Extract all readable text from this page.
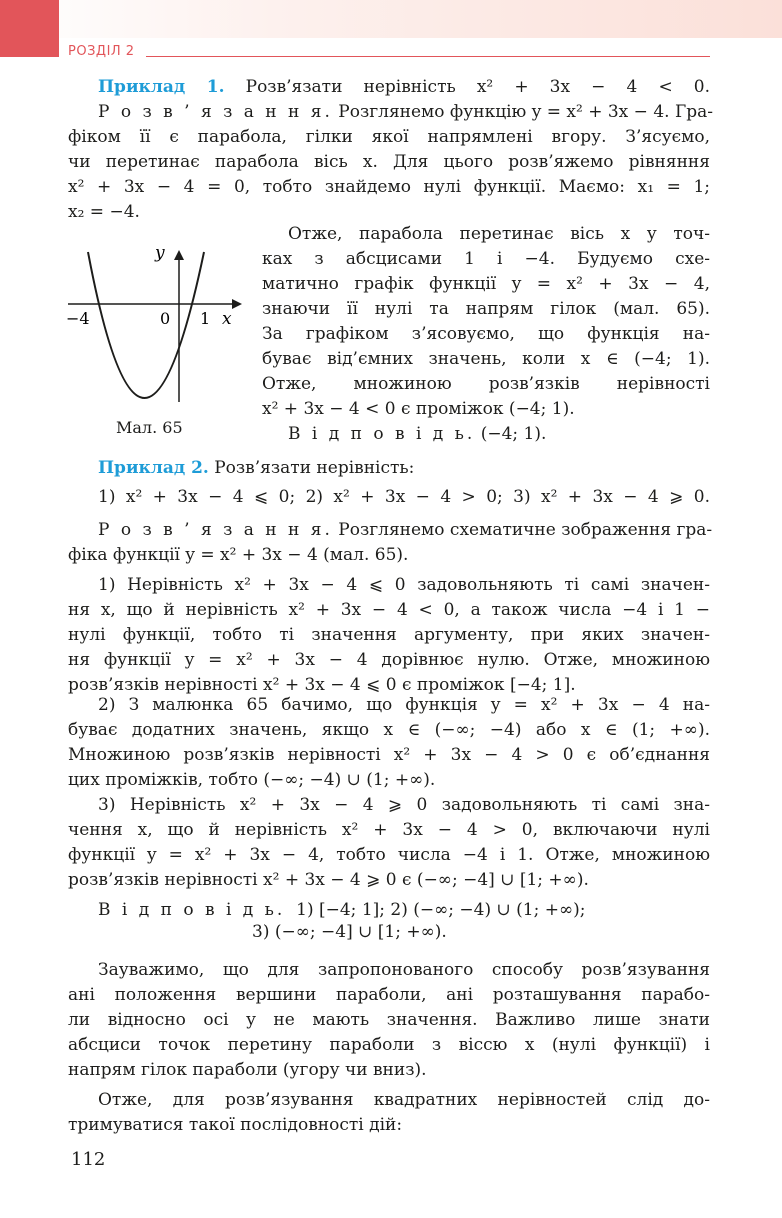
РОЗДІЛ 2
Приклад 1. Розв’язати нерівність x² + 3x − 4 < 0.
Р о з в ’ я з а н н я. Розглянемо функцію y = x² + 3x − 4. Гра-
фіком її є парабола, гілки якої напрямлені вгору. З’ясуємо,
чи перетинає парабола вісь x. Для цього розв’яжемо рівняння
x² + 3x − 4 = 0, тобто знайдемо нулі функції. Маємо: x₁ = 1;
x₂ = −4.
y
x
−4	0 1
Мал. 65
Отже, парабола перетинає вісь x у точ-
ках з абсцисами 1 і −4. Будуємо схе-
матично графік функції y = x² + 3x − 4,
знаючи її нулі та напрям гілок (мал. 65).
За графіком з’ясовуємо, що функція на-
буває від’ємних значень, коли x ∈ (−4; 1).
Отже, множиною розв’язків нерівності
x² + 3x − 4 < 0 є проміжок (−4; 1).
В і д п о в і д ь. (−4; 1).
Приклад 2. Розв’язати нерівність:
1) x² + 3x − 4 ⩽ 0; 2) x² + 3x − 4 > 0; 3) x² + 3x − 4 ⩾ 0.
Р о з в ’ я з а н н я. Розглянемо схематичне зображення гра-
фіка функції y = x² + 3x − 4 (мал. 65).
1) Нерівність x² + 3x − 4 ⩽ 0 задовольняють ті самі значен-
ня x, що й нерівність x² + 3x − 4 < 0, а також числа −4 і 1 −
нулі функції, тобто ті значення аргументу, при яких значен-
ня функції y = x² + 3x − 4 дорівнює нулю. Отже, множиною
розв’язків нерівності x² + 3x − 4 ⩽ 0 є проміжок [−4; 1].
2) З малюнка 65 бачимо, що функція y = x² + 3x − 4 на-
буває додатних значень, якщо x ∈ (−∞; −4) або x ∈ (1; +∞).
Множиною розв’язків нерівності x² + 3x − 4 > 0 є об’єднання
цих проміжків, тобто (−∞; −4) ∪ (1; +∞).
3) Нерівність x² + 3x − 4 ⩾ 0 задовольняють ті самі зна-
чення x, що й нерівність x² + 3x − 4 > 0, включаючи нулі
функції y = x² + 3x − 4, тобто числа −4 і 1. Отже, множиною
розв’язків нерівності x² + 3x − 4 ⩾ 0 є (−∞; −4] ∪ [1; +∞).
В і д п о в і д ь. 1) [−4; 1]; 2) (−∞; −4) ∪ (1; +∞);
3) (−∞; −4] ∪ [1; +∞).
Зауважимо, що для запропонованого способу розв’язування
ані положення вершини параболи, ані розташування парабо-
ли відносно осі y не мають значення. Важливо лише знати
абсциси точок перетину параболи з віссю x (нулі функції) і
напрям гілок параболи (угору чи вниз).
Отже, для розв’язування квадратних нерівностей слід до-
тримуватися такої послідовності дій:
112
